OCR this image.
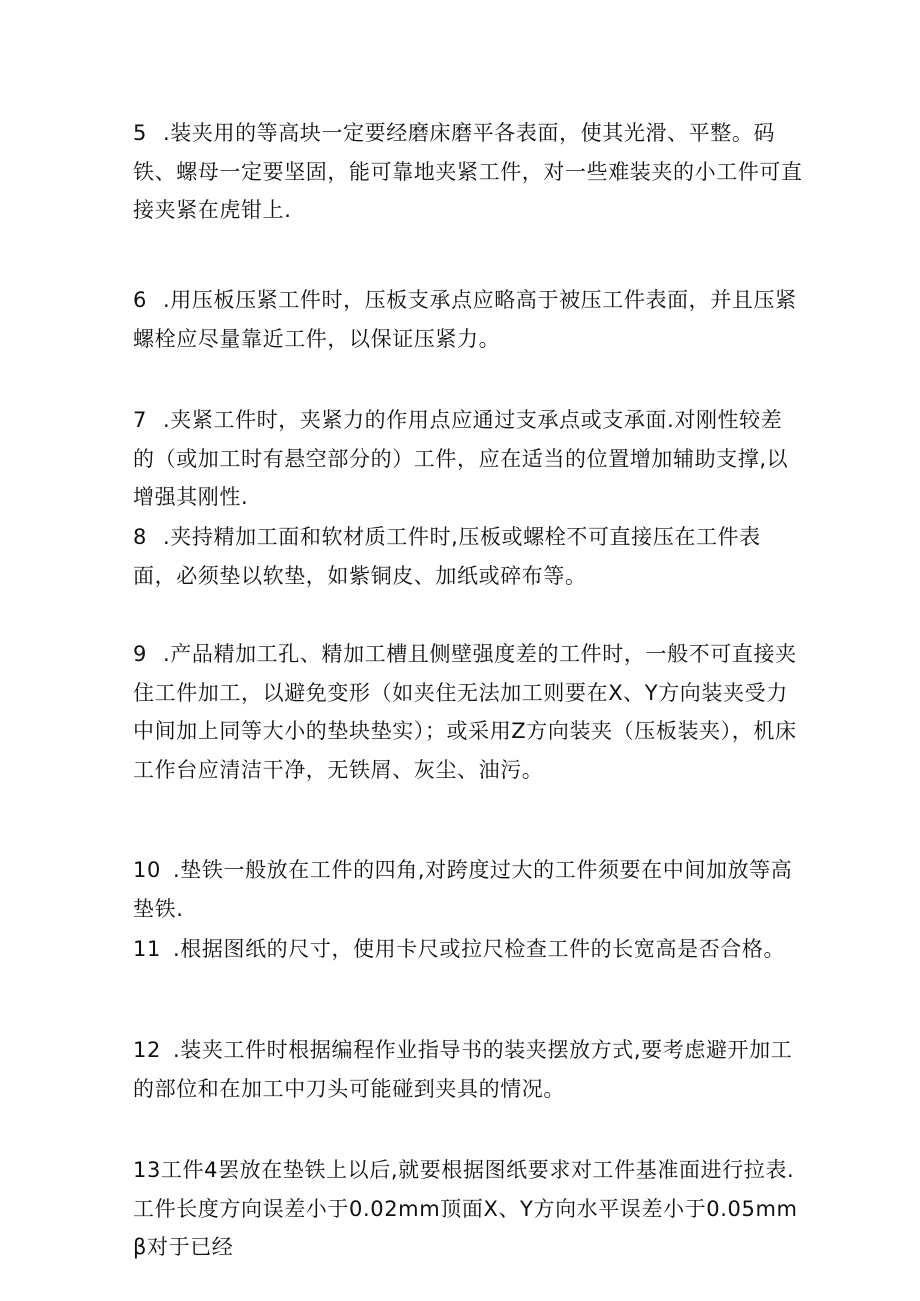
5 .装夹用的等高块一定要经磨床磨平各表面，使其光滑、平整。码铁、螺母一定要坚固，能可靠地夹紧工件，对一些难装夹的小工件可直接夹紧在虎钳上.

6 .用压板压紧工件时，压板支承点应略高于被压工件表面，并且压紧螺栓应尽量靠近工件，以保证压紧力。

7 .夹紧工件时，夹紧力的作用点应通过支承点或支承面.对刚性较差的（或加工时有悬空部分的）工件，应在适当的位置增加辅助支撑,以增强其刚性.

8 .夹持精加工面和软材质工件时,压板或螺栓不可直接压在工件表面，必须垫以软垫，如紫铜皮、加纸或碎布等。

9 .产品精加工孔、精加工槽且侧壁强度差的工件时，一般不可直接夹住工件加工，以避免变形（如夹住无法加工则要在X、Y方向装夹受力中间加上同等大小的垫块垫实）；或采用Z方向装夹（压板装夹），机床工作台应清洁干净，无铁屑、灰尘、油污。

10 .垫铁一般放在工件的四角,对跨度过大的工件须要在中间加放等高垫铁.

11 .根据图纸的尺寸，使用卡尺或拉尺检查工件的长宽高是否合格。

12 .装夹工件时根据编程作业指导书的装夹摆放方式,要考虑避开加工的部位和在加工中刀头可能碰到夹具的情况。

13工件4罢放在垫铁上以后,就要根据图纸要求对工件基准面进行拉表.工件长度方向误差小于0.02mm顶面X、Y方向水平误差小于0.05mmβ对于已经
